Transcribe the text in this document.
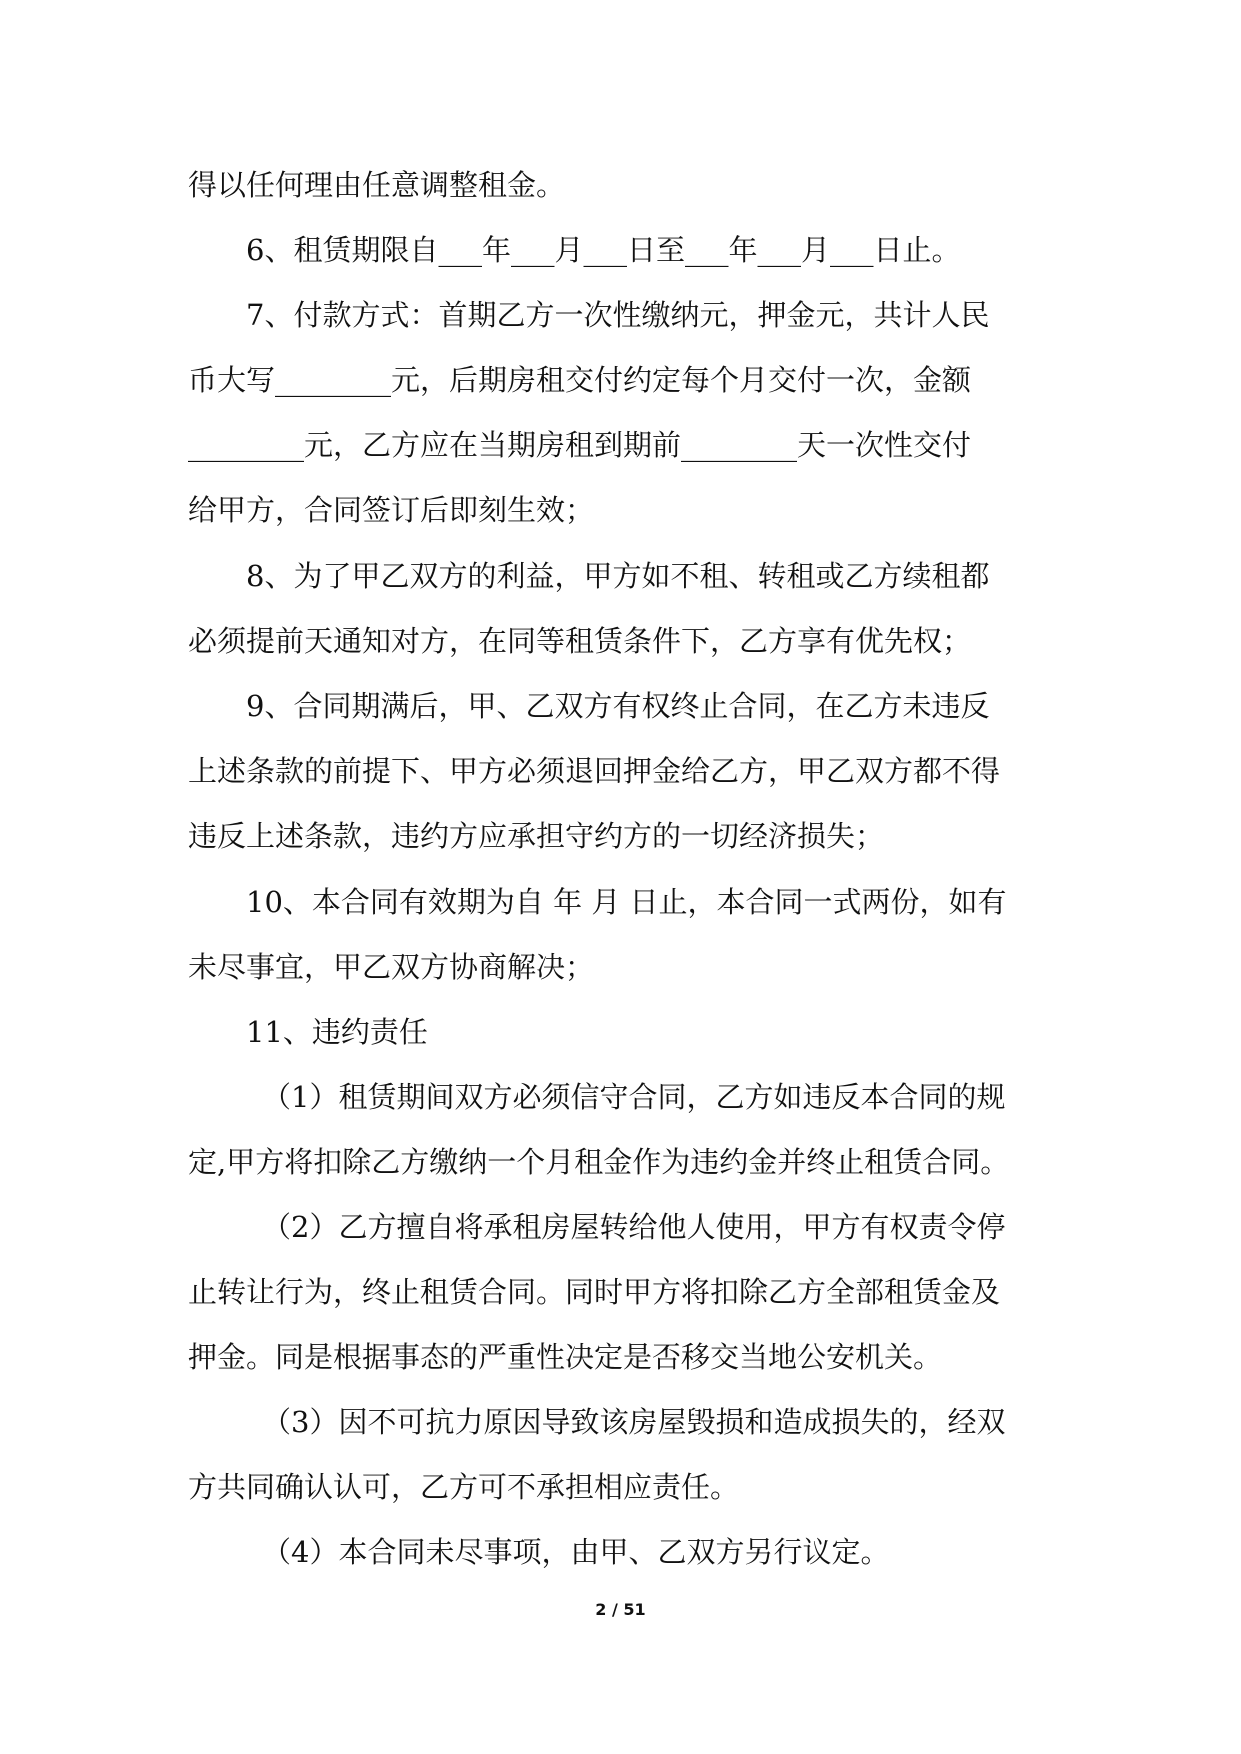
得以任何理由任意调整租金。

6、租赁期限自___年___月___日至___年___月___日止。

7、付款方式：首期乙方一次性缴纳元，押金元，共计人民

币大写________元，后期房租交付约定每个月交付一次，金额

________元，乙方应在当期房租到期前________天一次性交付

给甲方，合同签订后即刻生效；

8、为了甲乙双方的利益，甲方如不租、转租或乙方续租都

必须提前天通知对方，在同等租赁条件下，乙方享有优先权；

9、合同期满后，甲、乙双方有权终止合同，在乙方未违反

上述条款的前提下、甲方必须退回押金给乙方，甲乙双方都不得

违反上述条款，违约方应承担守约方的一切经济损失；

10、本合同有效期为自 年 月 日止，本合同一式两份，如有

未尽事宜，甲乙双方协商解决；

11、违约责任

（1）租赁期间双方必须信守合同，乙方如违反本合同的规

定,甲方将扣除乙方缴纳一个月租金作为违约金并终止租赁合同。

（2）乙方擅自将承租房屋转给他人使用，甲方有权责令停

止转让行为，终止租赁合同。同时甲方将扣除乙方全部租赁金及

押金。同是根据事态的严重性决定是否移交当地公安机关。

（3）因不可抗力原因导致该房屋毁损和造成损失的，经双

方共同确认认可，乙方可不承担相应责任。

（4）本合同未尽事项，由甲、乙双方另行议定。

2 / 51
